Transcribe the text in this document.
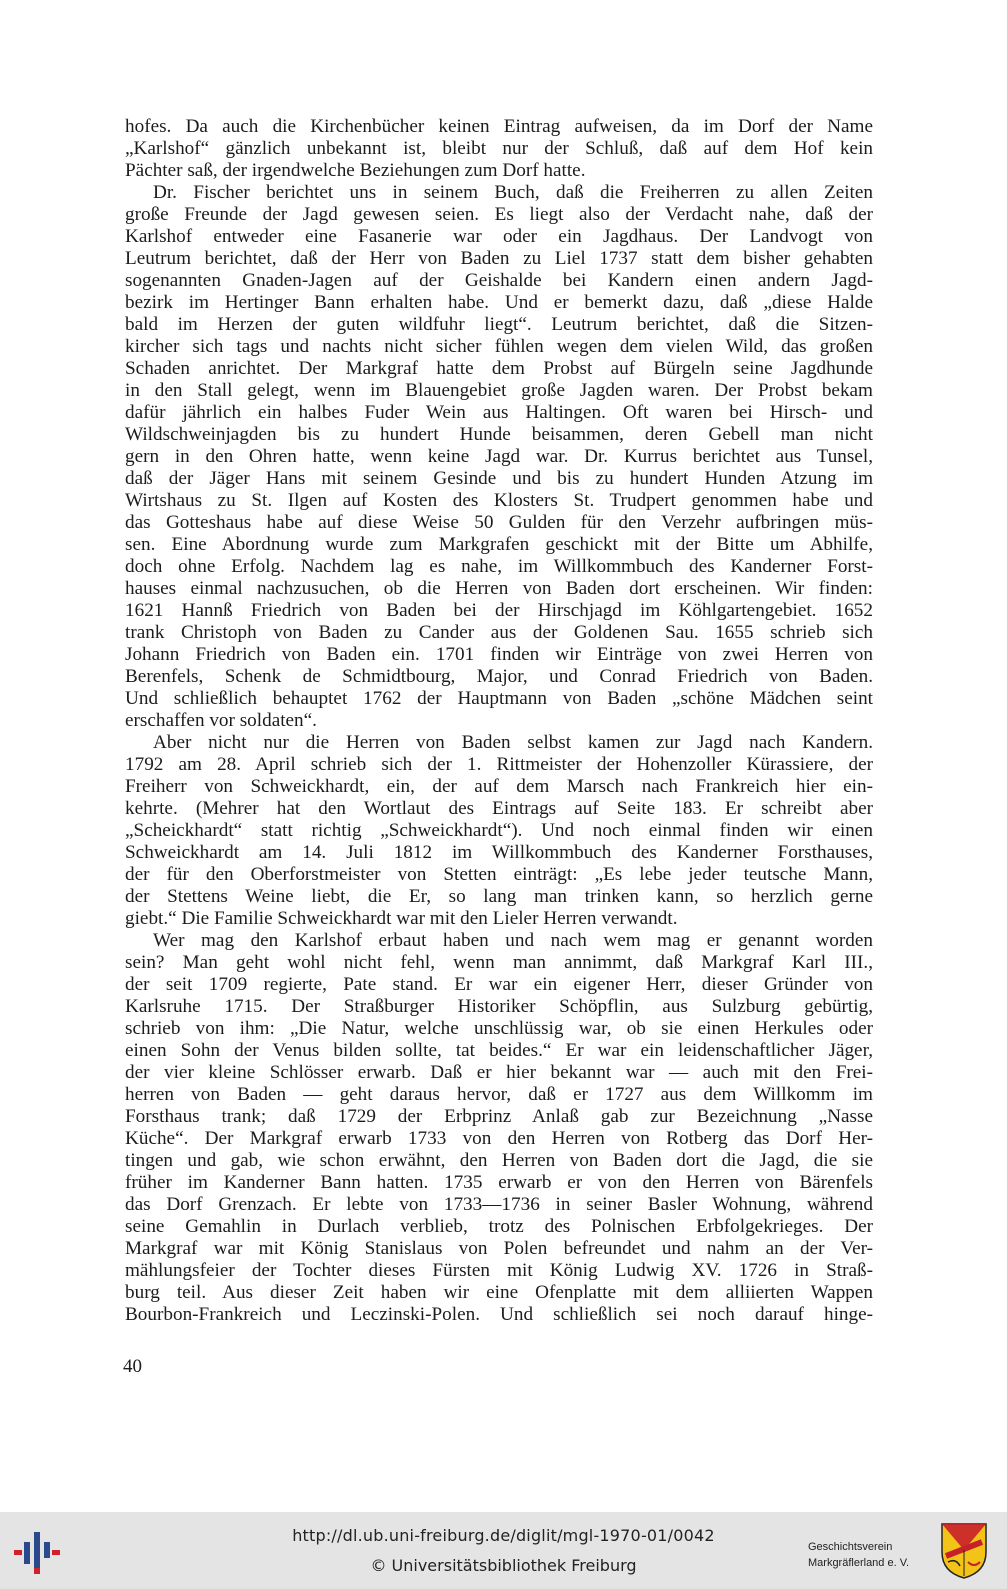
hofes. Da auch die Kirchenbücher keinen Eintrag aufweisen, da im Dorf der Name
„Karlshof“ gänzlich unbekannt ist, bleibt nur der Schluß, daß auf dem Hof kein
Pächter saß, der irgendwelche Beziehungen zum Dorf hatte.
Dr. Fischer berichtet uns in seinem Buch, daß die Freiherren zu allen Zeiten
große Freunde der Jagd gewesen seien. Es liegt also der Verdacht nahe, daß der
Karlshof entweder eine Fasanerie war oder ein Jagdhaus. Der Landvogt von
Leutrum berichtet, daß der Herr von Baden zu Liel 1737 statt dem bisher gehabten
sogenannten Gnaden-Jagen auf der Geishalde bei Kandern einen andern Jagd-
bezirk im Hertinger Bann erhalten habe. Und er bemerkt dazu, daß „diese Halde
bald im Herzen der guten wildfuhr liegt“. Leutrum berichtet, daß die Sitzen-
kircher sich tags und nachts nicht sicher fühlen wegen dem vielen Wild, das großen
Schaden anrichtet. Der Markgraf hatte dem Probst auf Bürgeln seine Jagdhunde
in den Stall gelegt, wenn im Blauengebiet große Jagden waren. Der Probst bekam
dafür jährlich ein halbes Fuder Wein aus Haltingen. Oft waren bei Hirsch- und
Wildschweinjagden bis zu hundert Hunde beisammen, deren Gebell man nicht
gern in den Ohren hatte, wenn keine Jagd war. Dr. Kurrus berichtet aus Tunsel,
daß der Jäger Hans mit seinem Gesinde und bis zu hundert Hunden Atzung im
Wirtshaus zu St. Ilgen auf Kosten des Klosters St. Trudpert genommen habe und
das Gotteshaus habe auf diese Weise 50 Gulden für den Verzehr aufbringen müs-
sen. Eine Abordnung wurde zum Markgrafen geschickt mit der Bitte um Abhilfe,
doch ohne Erfolg. Nachdem lag es nahe, im Willkommbuch des Kanderner Forst-
hauses einmal nachzusuchen, ob die Herren von Baden dort erscheinen. Wir finden:
1621 Hannß Friedrich von Baden bei der Hirschjagd im Köhlgartengebiet. 1652
trank Christoph von Baden zu Cander aus der Goldenen Sau. 1655 schrieb sich
Johann Friedrich von Baden ein. 1701 finden wir Einträge von zwei Herren von
Berenfels, Schenk de Schmidtbourg, Major, und Conrad Friedrich von Baden.
Und schließlich behauptet 1762 der Hauptmann von Baden „schöne Mädchen seint
erschaffen vor soldaten“.
Aber nicht nur die Herren von Baden selbst kamen zur Jagd nach Kandern.
1792 am 28. April schrieb sich der 1. Rittmeister der Hohenzoller Kürassiere, der
Freiherr von Schweickhardt, ein, der auf dem Marsch nach Frankreich hier ein-
kehrte. (Mehrer hat den Wortlaut des Eintrags auf Seite 183. Er schreibt aber
„Scheickhardt“ statt richtig „Schweickhardt“). Und noch einmal finden wir einen
Schweickhardt am 14. Juli 1812 im Willkommbuch des Kanderner Forsthauses,
der für den Oberforstmeister von Stetten einträgt: „Es lebe jeder teutsche Mann,
der Stettens Weine liebt, die Er, so lang man trinken kann, so herzlich gerne
giebt.“ Die Familie Schweickhardt war mit den Lieler Herren verwandt.
Wer mag den Karlshof erbaut haben und nach wem mag er genannt worden
sein? Man geht wohl nicht fehl, wenn man annimmt, daß Markgraf Karl III.,
der seit 1709 regierte, Pate stand. Er war ein eigener Herr, dieser Gründer von
Karlsruhe 1715. Der Straßburger Historiker Schöpflin, aus Sulzburg gebürtig,
schrieb von ihm: „Die Natur, welche unschlüssig war, ob sie einen Herkules oder
einen Sohn der Venus bilden sollte, tat beides.“ Er war ein leidenschaftlicher Jäger,
der vier kleine Schlösser erwarb. Daß er hier bekannt war — auch mit den Frei-
herren von Baden — geht daraus hervor, daß er 1727 aus dem Willkomm im
Forsthaus trank; daß 1729 der Erbprinz Anlaß gab zur Bezeichnung „Nasse
Küche“. Der Markgraf erwarb 1733 von den Herren von Rotberg das Dorf Her-
tingen und gab, wie schon erwähnt, den Herren von Baden dort die Jagd, die sie
früher im Kanderner Bann hatten. 1735 erwarb er von den Herren von Bärenfels
das Dorf Grenzach. Er lebte von 1733—1736 in seiner Basler Wohnung, während
seine Gemahlin in Durlach verblieb, trotz des Polnischen Erbfolgekrieges. Der
Markgraf war mit König Stanislaus von Polen befreundet und nahm an der Ver-
mählungsfeier der Tochter dieses Fürsten mit König Ludwig XV. 1726 in Straß-
burg teil. Aus dieser Zeit haben wir eine Ofenplatte mit dem alliierten Wappen
Bourbon-Frankreich und Leczinski-Polen. Und schließlich sei noch darauf hinge-
40
http://dl.ub.uni-freiburg.de/diglit/mgl-1970-01/0042
© Universitätsbibliothek Freiburg
Geschichtsverein
Markgräflerland e. V.
